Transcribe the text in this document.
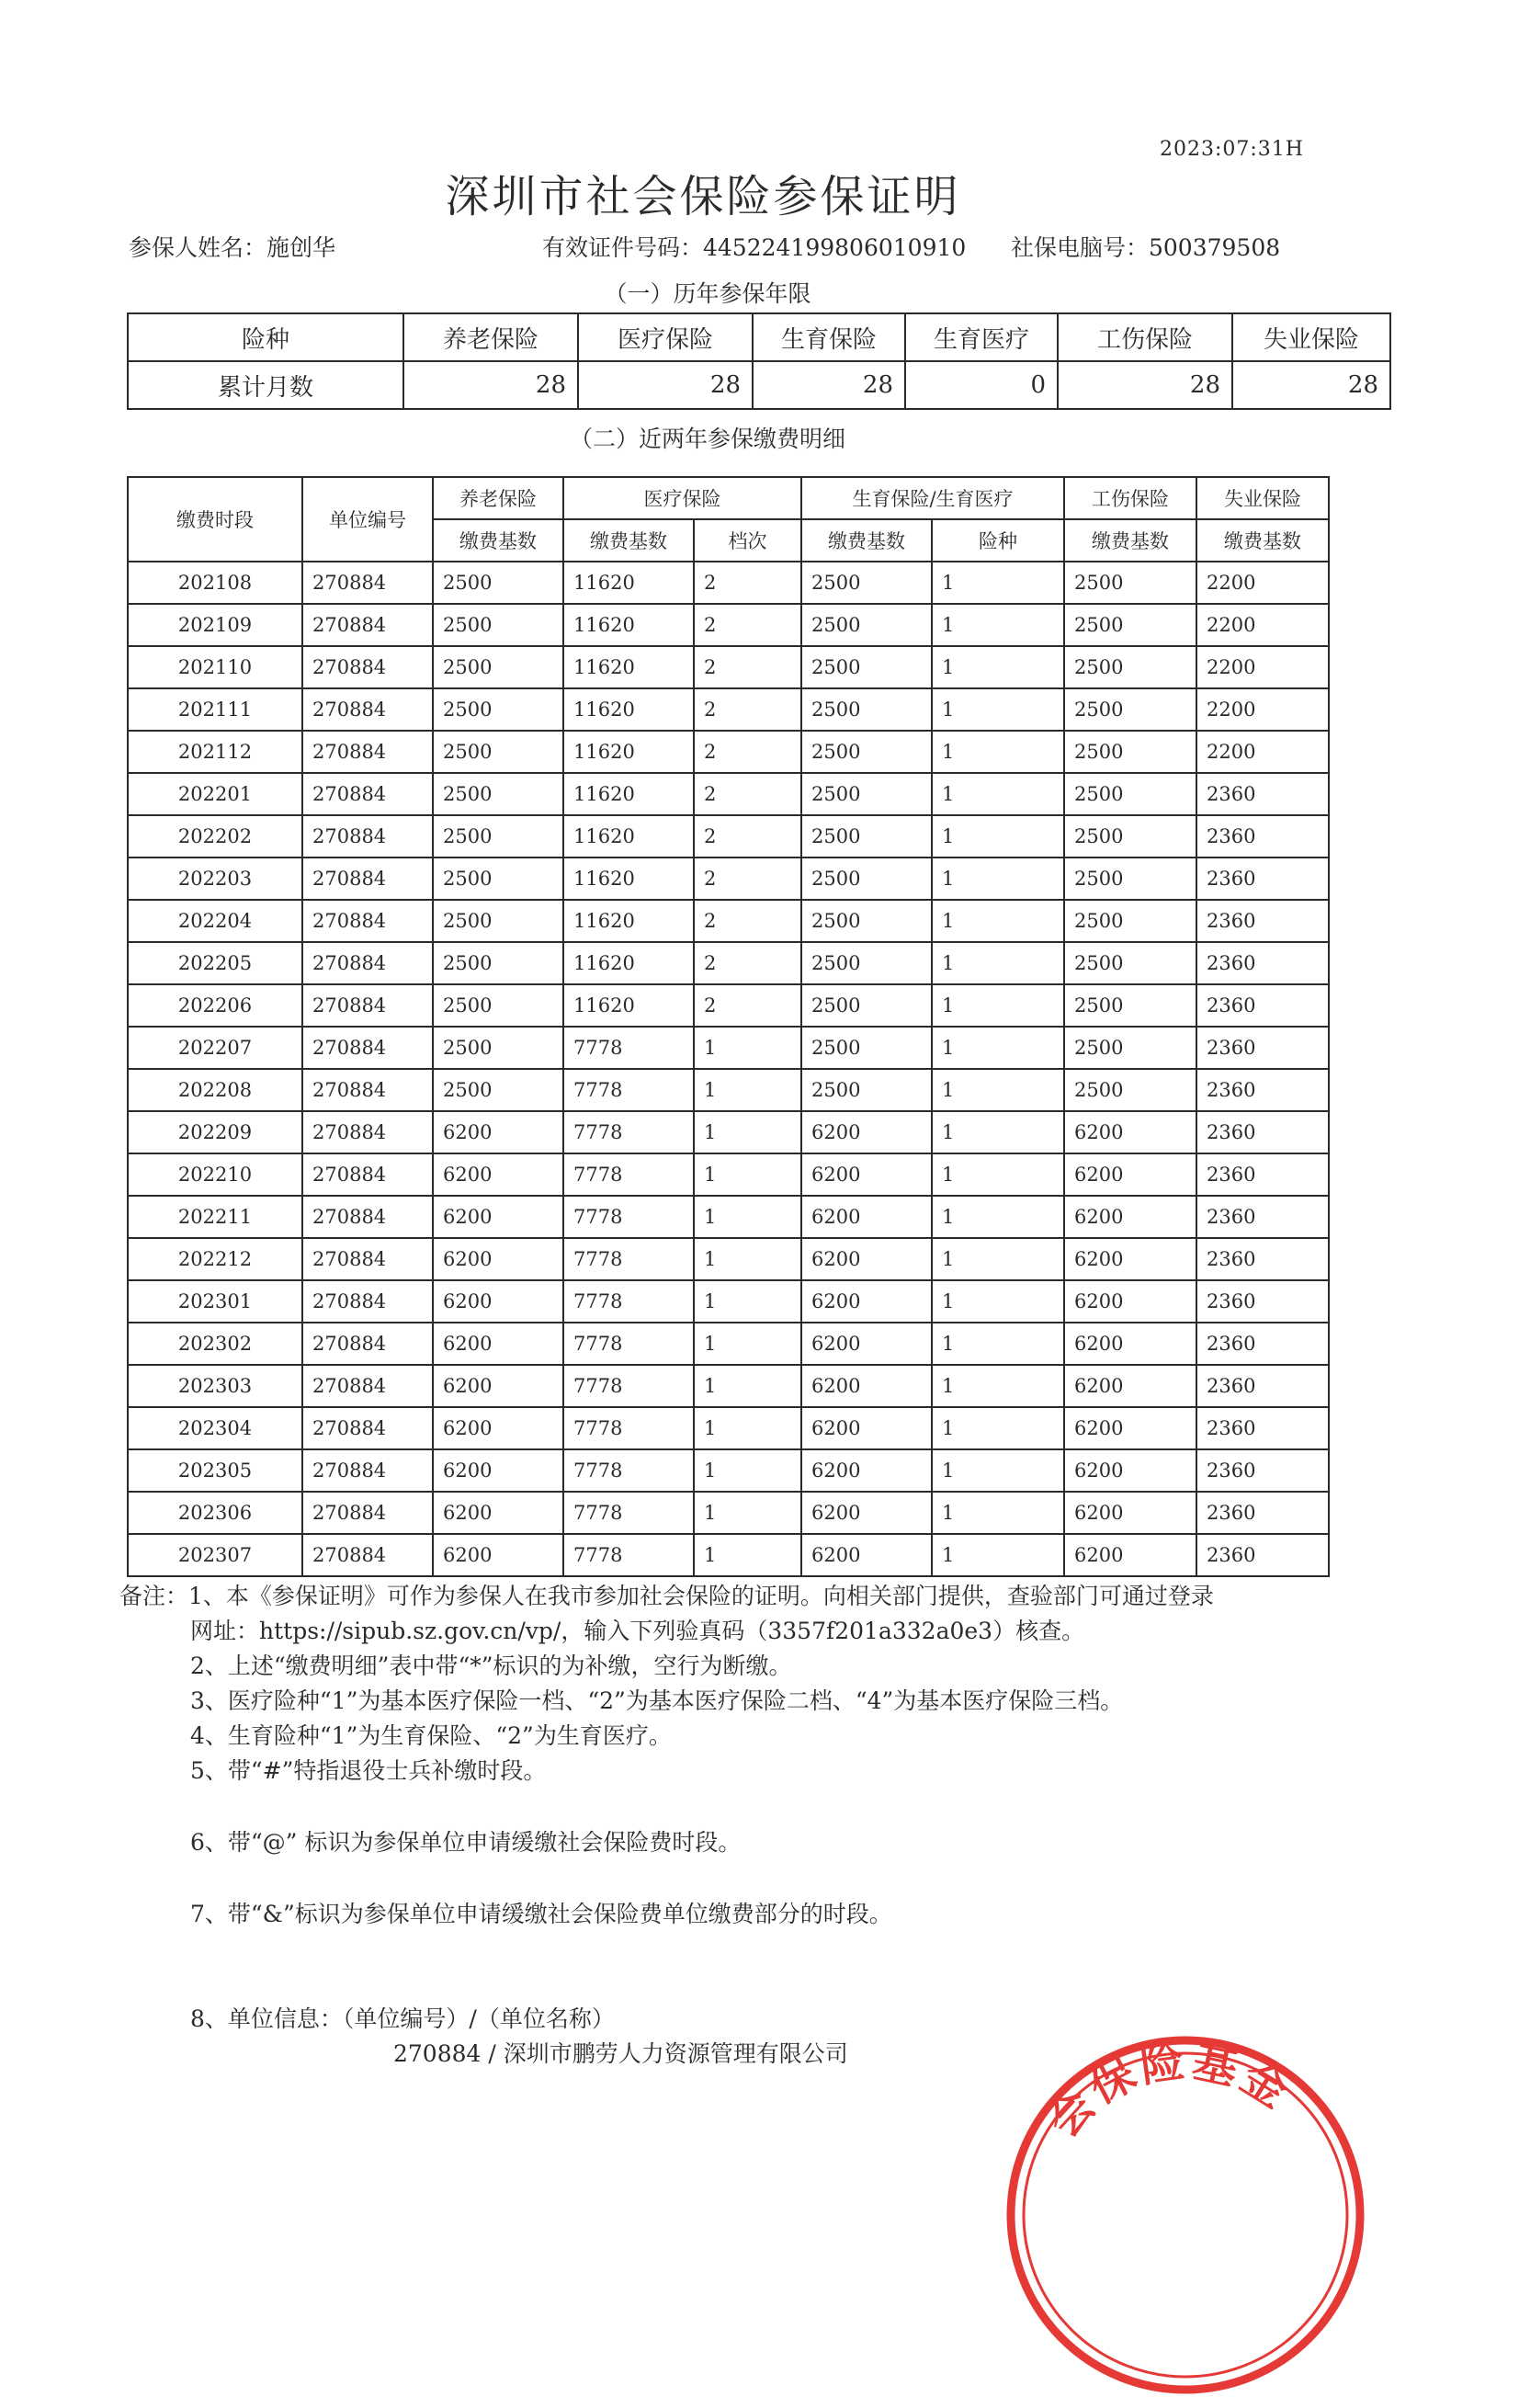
2023:07:31H
深圳市社会保险参保证明
参保人姓名：施创华	有效证件号码：445224199806010910 社保电脑号：500379508
（一）历年参保年限
险种	养老保险	医疗保险	生育保险	生育医疗	工伤保险	失业保险
累计月数	28	28	28	0	28	28
（二）近两年参保缴费明细
缴费时段	单位编号	养老保险	医疗保险		生育保险/生育医疗		工伤保险	失业保险
		缴费基数	缴费基数	档次	缴费基数	险种	缴费基数	缴费基数
202108	270884	2500	11620	2	2500	1	2500	2200
202109	270884	2500	11620	2	2500	1	2500	2200
202110	270884	2500	11620	2	2500	1	2500	2200
202111	270884	2500	11620	2	2500	1	2500	2200
202112	270884	2500	11620	2	2500	1	2500	2200
202201	270884	2500	11620	2	2500	1	2500	2360
202202	270884	2500	11620	2	2500	1	2500	2360
202203	270884	2500	11620	2	2500	1	2500	2360
202204	270884	2500	11620	2	2500	1	2500	2360
202205	270884	2500	11620	2	2500	1	2500	2360
202206	270884	2500	11620	2	2500	1	2500	2360
202207	270884	2500	7778	1	2500	1	2500	2360
202208	270884	2500	7778	1	2500	1	2500	2360
202209	270884	6200	7778	1	6200	1	6200	2360
202210	270884	6200	7778	1	6200	1	6200	2360
202211	270884	6200	7778	1	6200	1	6200	2360
202212	270884	6200	7778	1	6200	1	6200	2360
202301	270884	6200	7778	1	6200	1	6200	2360
202302	270884	6200	7778	1	6200	1	6200	2360
202303	270884	6200	7778	1	6200	1	6200	2360
202304	270884	6200	7778	1	6200	1	6200	2360
202305	270884	6200	7778	1	6200	1	6200	2360
202306	270884	6200	7778	1	6200	1	6200	2360
202307	270884	6200	7778	1	6200	1	6200	2360
备注：1、本《参保证明》可作为参保人在我市参加社会保险的证明。向相关部门提供，查验部门可通过登录
网址：https://sipub.sz.gov.cn/vp/，输入下列验真码（3357f201a332a0e3）核查。
2、上述“缴费明细”表中带“*”标识的为补缴，空行为断缴。
3、医疗险种“1”为基本医疗保险一档、“2”为基本医疗保险二档、“4”为基本医疗保险三档。
4、生育险种“1”为生育保险、“2”为生育医疗。
5、带“#”特指退役士兵补缴时段。
6、带“@” 标识为参保单位申请缓缴社会保险费时段。
7、带“&”标识为参保单位申请缓缴社会保险费单位缴费部分的时段。
8、单位信息：（单位编号）/（单位名称）
270884 / 深圳市鹏劳人力资源管理有限公司
会保险基金
